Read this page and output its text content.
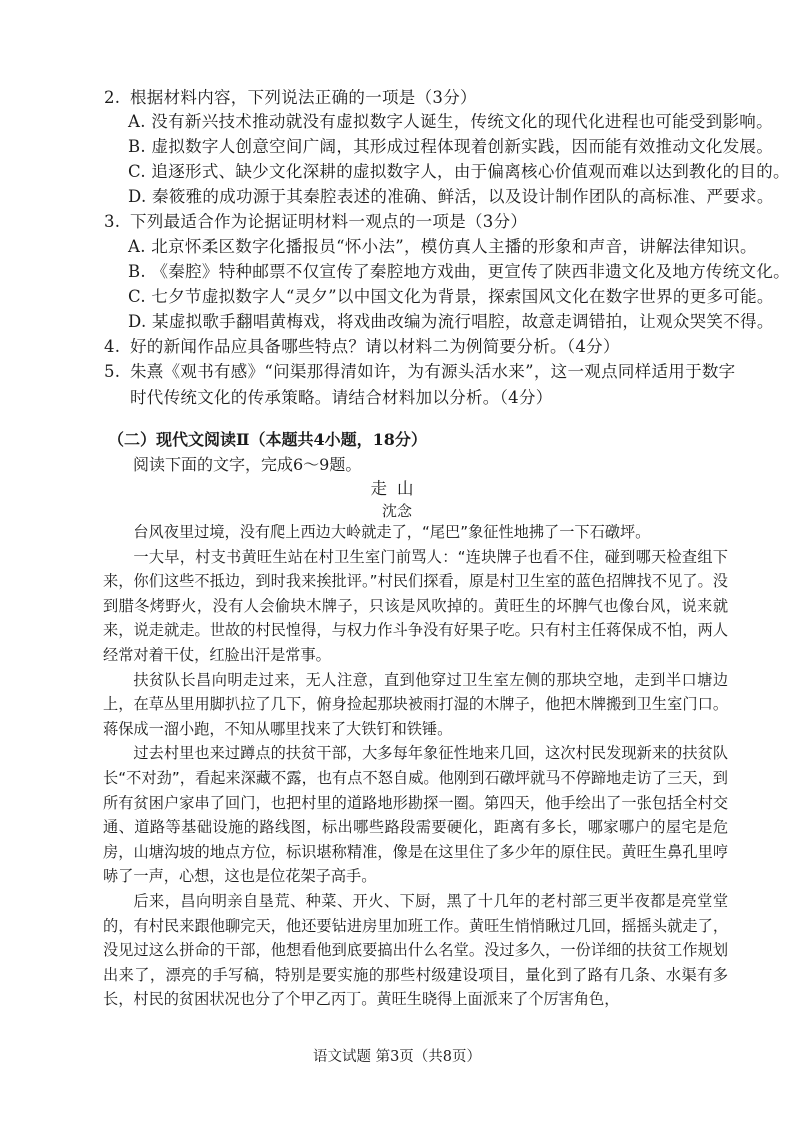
2. 根据材料内容，下列说法正确的一项是（3分）

A. 没有新兴技术推动就没有虚拟数字人诞生，传统文化的现代化进程也可能受到影响。

B. 虚拟数字人创意空间广阔，其形成过程体现着创新实践，因而能有效推动文化发展。

C. 追逐形式、缺少文化深耕的虚拟数字人，由于偏离核心价值观而难以达到教化的目的。

D. 秦筱雅的成功源于其秦腔表述的准确、鲜活，以及设计制作团队的高标准、严要求。

3. 下列最适合作为论据证明材料一观点的一项是（3分）

A. 北京怀柔区数字化播报员“怀小法”，模仿真人主播的形象和声音，讲解法律知识。

B. 《秦腔》特种邮票不仅宣传了秦腔地方戏曲，更宣传了陕西非遗文化及地方传统文化。

C. 七夕节虚拟数字人“灵夕”以中国文化为背景，探索国风文化在数字世界的更多可能。

D. 某虚拟歌手翻唱黄梅戏，将戏曲改编为流行唱腔，故意走调错拍，让观众哭笑不得。

4. 好的新闻作品应具备哪些特点？请以材料二为例简要分析。（4分）

5. 朱熹《观书有感》“问渠那得清如许，为有源头活水来”，这一观点同样适用于数字

时代传统文化的传承策略。请结合材料加以分析。（4分）

（二）现代文阅读Ⅱ（本题共4小题，18分）
阅读下面的文字，完成6～9题。
走山
沈念

台风夜里过境，没有爬上西边大岭就走了，“尾巴”象征性地拂了一下石礅坪。

一大早，村支书黄旺生站在村卫生室门前骂人：“连块牌子也看不住，碰到哪天检查组下来，你们这些不抵边，到时我来挨批评。”村民们探看，原是村卫生室的蓝色招牌找不见了。没到腊冬烤野火，没有人会偷块木牌子，只该是风吹掉的。黄旺生的坏脾气也像台风，说来就来，说走就走。世故的村民惶得，与权力作斗争没有好果子吃。只有村主任蒋保成不怕，两人经常对着干仗，红脸出汗是常事。

扶贫队长昌向明走过来，无人注意，直到他穿过卫生室左侧的那块空地，走到半口塘边上，在草丛里用脚扒拉了几下，俯身捡起那块被雨打湿的木牌子，他把木牌搬到卫生室门口。蒋保成一溜小跑，不知从哪里找来了大铁钉和铁锤。

过去村里也来过蹲点的扶贫干部，大多每年象征性地来几回，这次村民发现新来的扶贫队长“不对劲”，看起来深藏不露，也有点不怒自威。他刚到石礅坪就马不停蹄地走访了三天，到所有贫困户家串了回门，也把村里的道路地形勘探一圈。第四天，他手绘出了一张包括全村交通、道路等基础设施的路线图，标出哪些路段需要硬化，距离有多长，哪家哪户的屋宅是危房，山塘沟坡的地点方位，标识堪称精准，像是在这里住了多少年的原住民。黄旺生鼻孔里哼哧了一声，心想，这也是位花架子高手。

后来，昌向明亲自垦荒、种菜、开火、下厨，黑了十几年的老村部三更半夜都是亮堂堂的，有村民来跟他聊完天，他还要钻进房里加班工作。黄旺生悄悄瞅过几回，摇摇头就走了，没见过这么拼命的干部，他想看他到底要搞出什么名堂。没过多久，一份详细的扶贫工作规划出来了，漂亮的手写稿，特别是要实施的那些村级建设项目，量化到了路有几条、水渠有多长，村民的贫困状况也分了个甲乙丙丁。黄旺生晓得上面派来了个厉害角色，

语文试题 第3页（共8页）
